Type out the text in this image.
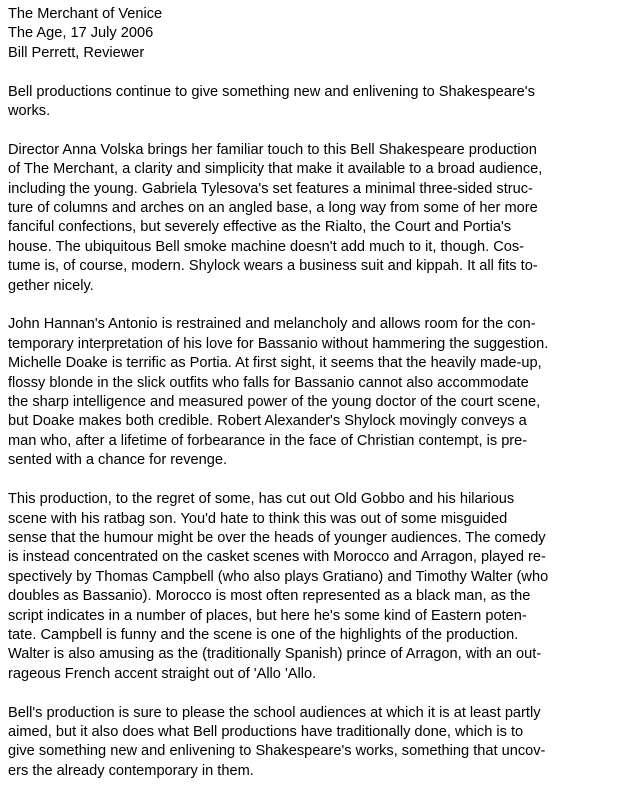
The Merchant of Venice
The Age, 17 July 2006
Bill Perrett, Reviewer
Bell productions continue to give something new and enlivening to Shakespeare's
works.
Director Anna Volska brings her familiar touch to this Bell Shakespeare production
of The Merchant, a clarity and simplicity that make it available to a broad audience,
including the young. Gabriela Tylesova's set features a minimal three-sided struc-
ture of columns and arches on an angled base, a long way from some of her more
fanciful confections, but severely effective as the Rialto, the Court and Portia's
house. The ubiquitous Bell smoke machine doesn't add much to it, though. Cos-
tume is, of course, modern. Shylock wears a business suit and kippah. It all fits to-
gether nicely.
John Hannan's Antonio is restrained and melancholy and allows room for the con-
temporary interpretation of his love for Bassanio without hammering the suggestion.
Michelle Doake is terrific as Portia. At first sight, it seems that the heavily made-up,
flossy blonde in the slick outfits who falls for Bassanio cannot also accommodate
the sharp intelligence and measured power of the young doctor of the court scene,
but Doake makes both credible. Robert Alexander's Shylock movingly conveys a
man who, after a lifetime of forbearance in the face of Christian contempt, is pre-
sented with a chance for revenge.
This production, to the regret of some, has cut out Old Gobbo and his hilarious
scene with his ratbag son. You'd hate to think this was out of some misguided
sense that the humour might be over the heads of younger audiences. The comedy
is instead concentrated on the casket scenes with Morocco and Arragon, played re-
spectively by Thomas Campbell (who also plays Gratiano) and Timothy Walter (who
doubles as Bassanio). Morocco is most often represented as a black man, as the
script indicates in a number of places, but here he's some kind of Eastern poten-
tate. Campbell is funny and the scene is one of the highlights of the production.
Walter is also amusing as the (traditionally Spanish) prince of Arragon, with an out-
rageous French accent straight out of 'Allo 'Allo.
Bell's production is sure to please the school audiences at which it is at least partly
aimed, but it also does what Bell productions have traditionally done, which is to
give something new and enlivening to Shakespeare's works, something that uncov-
ers the already contemporary in them.
